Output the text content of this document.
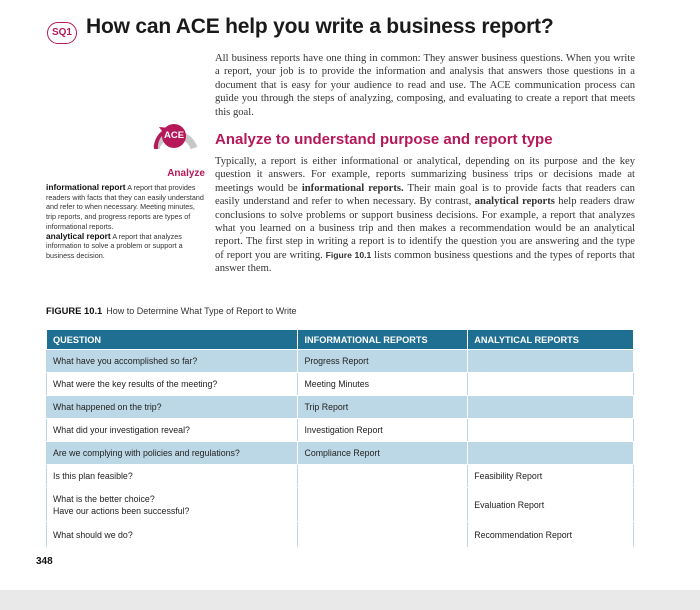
SQ1 How can ACE help you write a business report?
All business reports have one thing in common: They answer business questions. When you write a report, your job is to provide the information and analysis that answers those questions in a document that is easy for your audience to read and use. The ACE communication process can guide you through the steps of analyzing, composing, and evaluating to create a report that meets this goal.
ACE
Analyze
Analyze to understand purpose and report type
Typically, a report is either informational or analytical, depending on its purpose and the key question it answers. For example, reports summarizing business trips or decisions made at meetings would be informational reports. Their main goal is to provide facts that readers can easily understand and refer to when necessary. By contrast, analytical reports help readers draw conclusions to solve problems or support business decisions. For example, a report that analyzes what you learned on a business trip and then makes a recommendation would be an analytical report. The first step in writing a report is to identify the question you are answering and the type of report you are writing. Figure 10.1 lists common business questions and the types of reports that answer them.
informational report A report that provides readers with facts that they can easily understand and refer to when necessary. Meeting minutes, trip reports, and progress reports are types of informational reports.
analytical report A report that analyzes information to solve a problem or support a business decision.
FIGURE 10.1 How to Determine What Type of Report to Write
QUESTION	INFORMATIONAL REPORTS	ANALYTICAL REPORTS
What have you accomplished so far?	Progress Report	
What were the key results of the meeting?	Meeting Minutes	
What happened on the trip?	Trip Report	
What did your investigation reveal?	Investigation Report	
Are we complying with policies and regulations?	Compliance Report	
Is this plan feasible?		Feasibility Report

What is the better choice?
Have our actions been successful?		Evaluation Report
What should we do?		Recommendation Report
348
